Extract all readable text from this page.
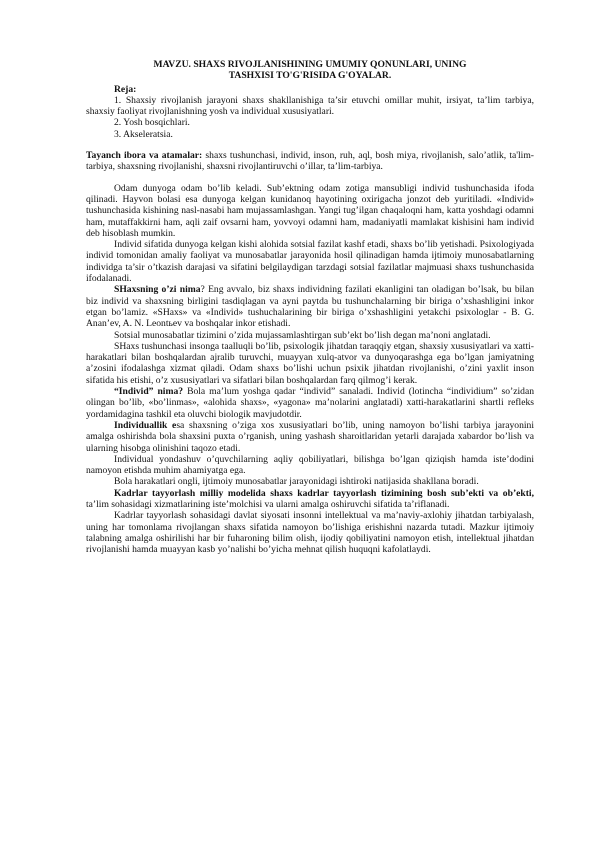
MAVZU. SHAXS RIVOJLANISHINING UMUMIY QONUNLARI, UNING
TASHXISI TO'G'RISIDA G'OYALAR.

Reja:

1. Shaxsiy rivojlanish jarayoni shaxs shakllanishiga ta’sir etuvchi omillar muhit, irsiyat, ta’lim tarbiya, shaxsiy faoliyat rivojlanishning yosh va individual xususiyatlari.

2. Yosh bosqichlari.

3. Akseleratsia.

Tayanch ibora va atamalar: shaxs tushunchasi, individ, inson, ruh, aql, bosh miya, rivojlanish, salo’atlik, ta'lim-tarbiya, shaxsning rivojlanishi, shaxsni rivojlantiruvchi o’illar, ta’lim-tarbiya.

Odam dunyoga odam bo’lib keladi. Sub’ektning odam zotiga mansubligi individ tushunchasida ifoda qilinadi. Hayvon bolasi esa dunyoga kelgan kunidanoq hayotining oxirigacha jonzot deb yuritiladi. «Individ» tushunchasida kishining nasl-nasabi ham mujassamlashgan. Yangi tug’ilgan chaqaloqni ham, katta yoshdagi odamni ham, mutaffakkirni ham, aqli zaif ovsarni ham, yovvoyi odamni ham, madaniyatli mamlakat kishisini ham individ deb hisoblash mumkin.

Individ sifatida dunyoga kelgan kishi alohida sotsial fazilat kashf etadi, shaxs bo’lib yetishadi. Psixologiyada individ tomonidan amaliy faoliyat va munosabatlar jarayonida hosil qilinadigan hamda ijtimoiy munosabatlarning individga ta’sir o’tkazish darajasi va sifatini belgilaydigan tarzdagi sotsial fazilatlar majmuasi shaxs tushunchasida ifodalanadi.

SHaxsning o’zi nima? Eng avvalo, biz shaxs individning fazilati ekanligini tan oladigan bo’lsak, bu bilan biz individ va shaxsning birligini tasdiqlagan va ayni paytda bu tushunchalarning bir biriga o’xshashligini inkor etgan bo’lamiz. «SHaxs» va «Individ» tushuchalarining bir biriga o’xshashligini yetakchi psixologlar - B. G. Anan’ev, A. N. Leontьev va boshqalar inkor etishadi.

Sotsial munosabatlar tizimini o’zida mujassamlashtirgan sub’ekt bo’lish degan ma’noni anglatadi.

SHaxs tushunchasi insonga taalluqli bo’lib, psixologik jihatdan taraqqiy etgan, shaxsiy xususiyatlari va xatti-harakatlari bilan boshqalardan ajralib turuvchi, muayyan xulq-atvor va dunyoqarashga ega bo’lgan jamiyatning a’zosini ifodalashga xizmat qiladi. Odam shaxs bo’lishi uchun psixik jihatdan rivojlanishi, o’zini yaxlit inson sifatida his etishi, o’z xususiyatlari va sifatlari bilan boshqalardan farq qilmog’i kerak.

“Individ” nima? Bola ma’lum yoshga qadar “individ” sanaladi. Individ (lotincha “individium” so’zidan olingan bo’lib, «bo’linmas», «alohida shaxs», «yagona» ma’nolarini anglatadi) xatti-harakatlarini shartli refleks yordamidagina tashkil eta oluvchi biologik mavjudotdir.

Individuallik esa shaxsning o’ziga xos xususiyatlari bo’lib, uning namoyon bo’lishi tarbiya jarayonini amalga oshirishda bola shaxsini puxta o’rganish, uning yashash sharoitlaridan yetarli darajada xabardor bo’lish va ularning hisobga olinishini taqozo etadi.

Individual yondashuv o’quvchilarning aqliy qobiliyatlari, bilishga bo’lgan qiziqish hamda iste’dodini namoyon etishda muhim ahamiyatga ega.

Bola harakatlari ongli, ijtimoiy munosabatlar jarayonidagi ishtiroki natijasida shakllana boradi.

Kadrlar tayyorlash milliy modelida shaxs kadrlar tayyorlash tizimining bosh sub’ekti va ob’ekti, ta’lim sohasidagi xizmatlarining iste’molchisi va ularni amalga oshiruvchi sifatida ta’riflanadi.

Kadrlar tayyorlash sohasidagi davlat siyosati insonni intellektual va ma’naviy-axlohiy jihatdan tarbiyalash, uning har tomonlama rivojlangan shaxs sifatida namoyon bo’lishiga erishishni nazarda tutadi. Mazkur ijtimoiy talabning amalga oshirilishi har bir fuharoning bilim olish, ijodiy qobiliyatini namoyon etish, intellektual jihatdan rivojlanishi hamda muayyan kasb yo’nalishi bo’yicha mehnat qilish huquqni kafolatlaydi.
